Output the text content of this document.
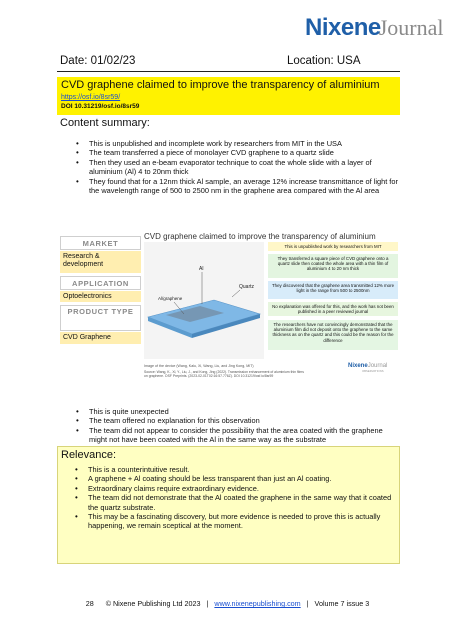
NixeneJournal
Date: 01/02/23	Location: USA
CVD graphene claimed to improve the transparency of aluminium
https://osf.io/8sr59/
DOI 10.31219/osf.io/8sr59
Content summary:
• This is unpublished and incomplete work by researchers from MIT in the USA
• The team transferred a piece of monolayer CVD graphene to a quartz slide
• Then they used an e-beam evaporator technique to coat the whole slide with a layer of aluminium (Al) 4 to 20nm thick
• They found that for a 12nm thick Al sample, an average 12% increase transmittance of light for the wavelength range of 500 to 2500 nm in the graphene area compared with the Al area
CVD graphene claimed to improve the transparency of aluminium
MARKET
Research & development
APPLICATION
Optoelectronics
PRODUCT TYPE
CVD Graphene
Al
Quartz
Al/graphene
Image of the device (Wang, Kalu, Xi, Wang, Liu, and Jing Kong, MIT)
Source: Wang, K., Xi, Y., Liu, J., and Kong, Jing (2022). Transmission enhancement of aluminium thin films on graphene. OSF Preprints. (2023-02-01T02:16:57.776Z). DOI 10.31219/osf.io/8sr59
This is unpublished work by researchers from MIT
They transferred a square piece of CVD graphene onto a quartz slide then coated the whole area with a thin film of aluminium 4 to 20 nm thick
They discovered that the graphene area transmitted 12% more light in the range from 500 to 2500nm
No explanation was offered for this, and the work has not been published in a peer reviewed journal
The researchers have not convincingly demonstrated that the aluminium film did not deposit onto the graphene to the same thickness as on the quartz and this could be the reason for the difference
NixeneJournal
OBSERVATIONS
• This is quite unexpected
• The team offered no explanation for this observation
• The team did not appear to consider the possibility that the area coated with the graphene might not have been coated with the Al in the same way as the substrate
•
•
Relevance:
• This is a counterintuitive result.
• A graphene + Al coating should be less transparent than just an Al coating.
• Extraordinary claims require extraordinary evidence.
• The team did not demonstrate that the Al coated the graphene in the same way that it coated the quartz substrate.
• This may be a fascinating discovery, but more evidence is needed to prove this is actually happening, we remain sceptical at the moment.
28 © Nixene Publishing Ltd 2023 | www.nixenepublishing.com | Volume 7 issue 3
